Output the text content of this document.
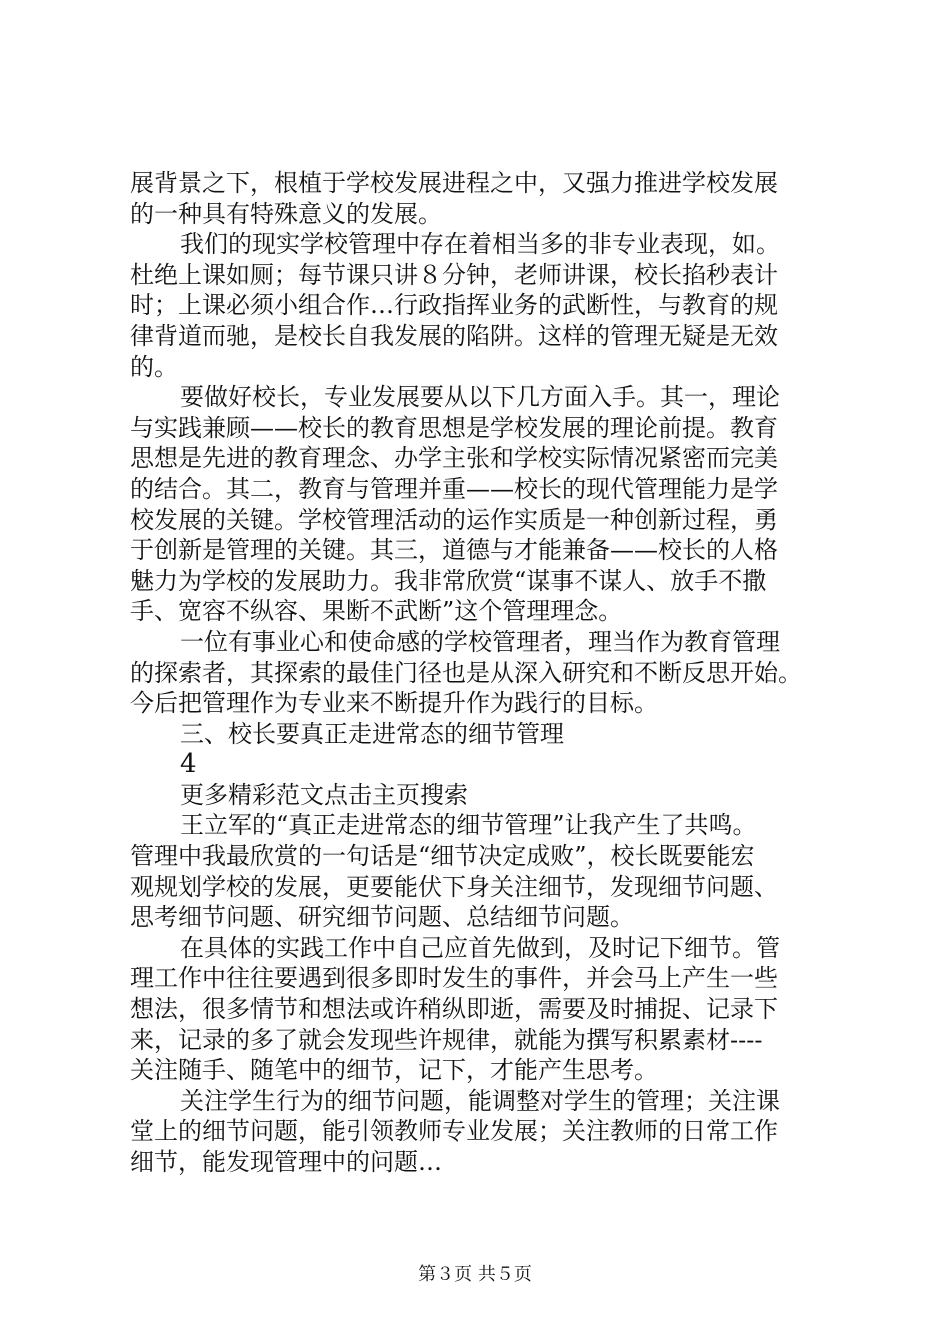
展背景之下，根植于学校发展进程之中，又强力推进学校发展
的一种具有特殊意义的发展。
我们的现实学校管理中存在着相当多的非专业表现，如。
杜绝上课如厕；每节课只讲８分钟，老师讲课，校长掐秒表计
时；上课必须小组合作…行政指挥业务的武断性，与教育的规
律背道而驰，是校长自我发展的陷阱。这样的管理无疑是无效
的。
要做好校长，专业发展要从以下几方面入手。其一，理论
与实践兼顾——校长的教育思想是学校发展的理论前提。教育
思想是先进的教育理念、办学主张和学校实际情况紧密而完美
的结合。其二，教育与管理并重——校长的现代管理能力是学
校发展的关键。学校管理活动的运作实质是一种创新过程，勇
于创新是管理的关键。其三，道德与才能兼备——校长的人格
魅力为学校的发展助力。我非常欣赏“谋事不谋人、放手不撒
手、宽容不纵容、果断不武断”这个管理理念。
一位有事业心和使命感的学校管理者，理当作为教育管理
的探索者，其探索的最佳门径也是从深入研究和不断反思开始。
今后把管理作为专业来不断提升作为践行的目标。
三、校长要真正走进常态的细节管理
4
更多精彩范文点击主页搜索
王立军的“真正走进常态的细节管理”让我产生了共鸣。
管理中我最欣赏的一句话是“细节决定成败”，校长既要能宏
观规划学校的发展，更要能伏下身关注细节，发现细节问题、
思考细节问题、研究细节问题、总结细节问题。
在具体的实践工作中自己应首先做到，及时记下细节。管
理工作中往往要遇到很多即时发生的事件，并会马上产生一些
想法，很多情节和想法或许稍纵即逝，需要及时捕捉、记录下
来，记录的多了就会发现些许规律，就能为撰写积累素材----
关注随手、随笔中的细节，记下，才能产生思考。
关注学生行为的细节问题，能调整对学生的管理；关注课
堂上的细节问题，能引领教师专业发展；关注教师的日常工作
细节，能发现管理中的问题…
第３页 共５页
